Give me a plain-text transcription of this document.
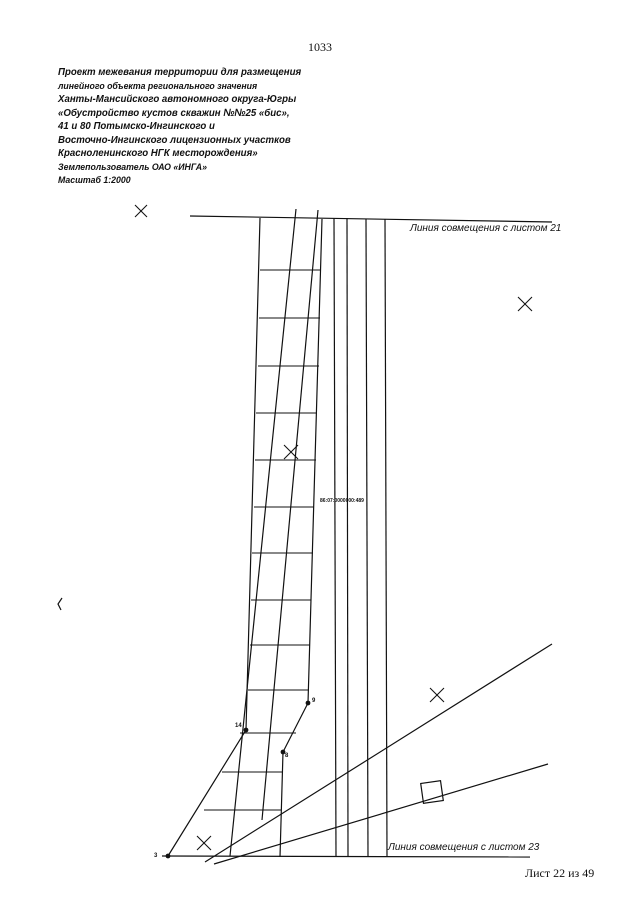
1033
Проект межевания территории для размещения
линейного объекта регионального значения
Ханты-Мансийского автономного округа-Югры
«Обустройство кустов скважин №№25 «бис»,
41 и 80 Потымско-Ингинского и
Восточно-Ингинского лицензионных участков
Красноленинского НГК месторождения»
Землепользователь ОАО «ИНГА»
Масштаб 1:2000
Линия совмещения с листом 21
Линия совмещения с листом 23
86:07:0000000:489
14
9
8
3
Лист 22 из 49
